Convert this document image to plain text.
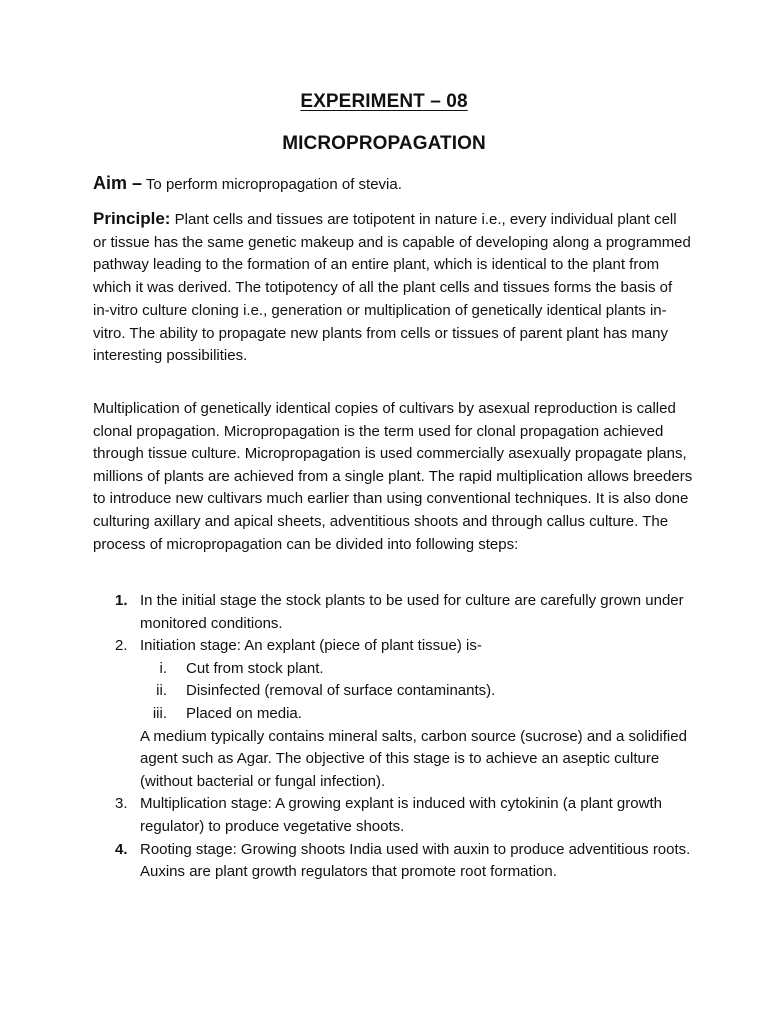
EXPERIMENT – 08
MICROPROPAGATION
Aim – To perform micropropagation of stevia.

Principle: Plant cells and tissues are totipotent in nature i.e., every individual plant cell or tissue has the same genetic makeup and is capable of developing along a programmed pathway leading to the formation of an entire plant, which is identical to the plant from which it was derived. The totipotency of all the plant cells and tissues forms the basis of in-vitro culture cloning i.e., generation or multiplication of genetically identical plants in-vitro. The ability to propagate new plants from cells or tissues of parent plant has many interesting possibilities.

Multiplication of genetically identical copies of cultivars by asexual reproduction is called clonal propagation. Micropropagation is the term used for clonal propagation achieved through tissue culture. Micropropagation is used commercially asexually propagate plans, millions of plants are achieved from a single plant. The rapid multiplication allows breeders to introduce new cultivars much earlier than using conventional techniques. It is also done culturing axillary and apical sheets, adventitious shoots and through callus culture. The process of micropropagation can be divided into following steps:

1. In the initial stage the stock plants to be used for culture are carefully grown under monitored conditions.
2. Initiation stage: An explant (piece of plant tissue) is-
i. Cut from stock plant.
ii. Disinfected (removal of surface contaminants).
iii. Placed on media.
A medium typically contains mineral salts, carbon source (sucrose) and a solidified agent such as Agar. The objective of this stage is to achieve an aseptic culture (without bacterial or fungal infection).
3. Multiplication stage: A growing explant is induced with cytokinin (a plant growth regulator) to produce vegetative shoots.
4. Rooting stage: Growing shoots India used with auxin to produce adventitious roots. Auxins are plant growth regulators that promote root formation.
